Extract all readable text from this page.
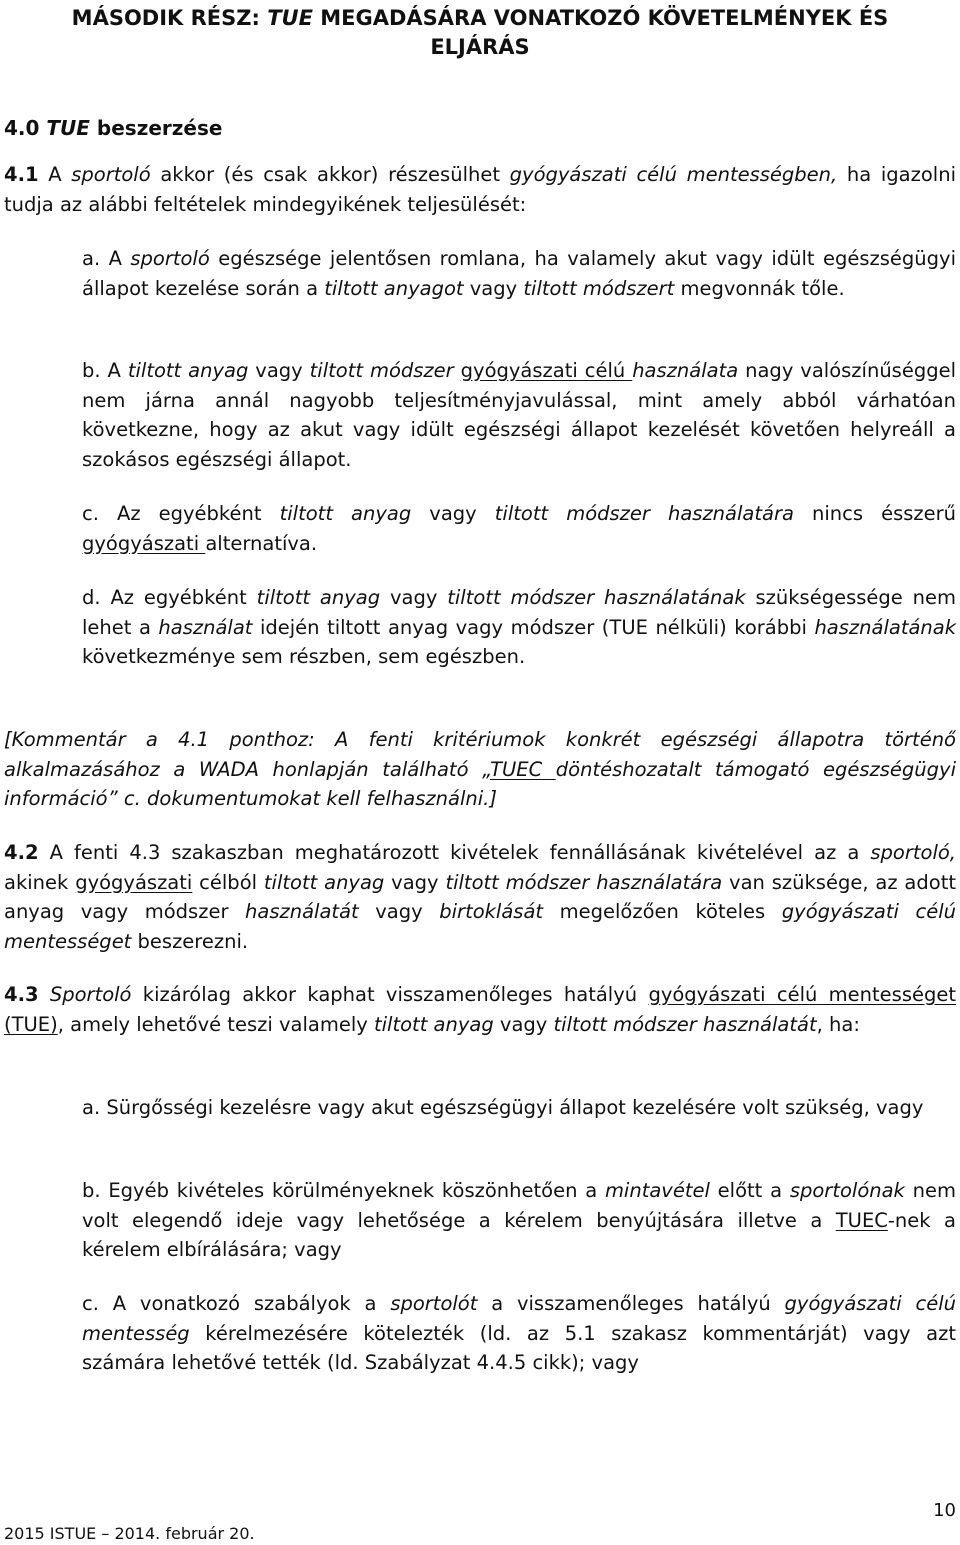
MÁSODIK RÉSZ: TUE MEGADÁSÁRA VONATKOZÓ KÖVETELMÉNYEK ÉS
ELJÁRÁS
4.0 TUE beszerzése

4.1 A sportoló akkor (és csak akkor) részesülhet gyógyászati célú mentességben, ha igazolni tudja az alábbi feltételek mindegyikének teljesülését:

a. A sportoló egészsége jelentősen romlana, ha valamely akut vagy idült egészségügyi állapot kezelése során a tiltott anyagot vagy tiltott módszert megvonnák tőle.

b. A tiltott anyag vagy tiltott módszer gyógyászati célú használata nagy valószínűséggel nem járna annál nagyobb teljesítményjavulással, mint amely abból várhatóan következne, hogy az akut vagy idült egészségi állapot kezelését követően helyreáll a szokásos egészségi állapot.

c. Az egyébként tiltott anyag vagy tiltott módszer használatára nincs ésszerű gyógyászati alternatíva.

d. Az egyébként tiltott anyag vagy tiltott módszer használatának szükségessége nem lehet a használat idején tiltott anyag vagy módszer (TUE nélküli) korábbi használatának következménye sem részben, sem egészben.

[Kommentár a 4.1 ponthoz: A fenti kritériumok konkrét egészségi állapotra történő alkalmazásához a WADA honlapján található „TUEC döntéshozatalt támogató egészségügyi információ” c. dokumentumokat kell felhasználni.]

4.2 A fenti 4.3 szakaszban meghatározott kivételek fennállásának kivételével az a sportoló, akinek gyógyászati célból tiltott anyag vagy tiltott módszer használatára van szüksége, az adott anyag vagy módszer használatát vagy birtoklását megelőzően köteles gyógyászati célú mentességet beszerezni.

4.3 Sportoló kizárólag akkor kaphat visszamenőleges hatályú gyógyászati célú mentességet (TUE), amely lehetővé teszi valamely tiltott anyag vagy tiltott módszer használatát, ha:

a. Sürgősségi kezelésre vagy akut egészségügyi állapot kezelésére volt szükség, vagy

b. Egyéb kivételes körülményeknek köszönhetően a mintavétel előtt a sportolónak nem volt elegendő ideje vagy lehetősége a kérelem benyújtására illetve a TUEC-nek a kérelem elbírálására; vagy

c. A vonatkozó szabályok a sportolót a visszamenőleges hatályú gyógyászati célú mentesség kérelmezésére kötelezték (ld. az 5.1 szakasz kommentárját) vagy azt számára lehetővé tették (ld. Szabályzat 4.4.5 cikk); vagy

10
2015 ISTUE – 2014. február 20.
